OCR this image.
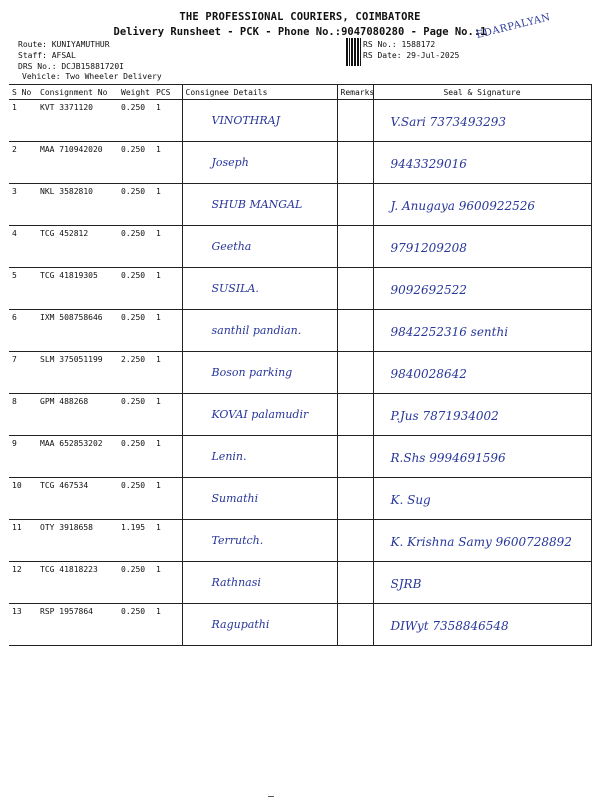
THE PROFESSIONAL COURIERS, COIMBATORE
Delivery Runsheet - PCK - Phone No.:9047080280 - Page No.:1
Route: KUNIYAMUTHUR
Staff: AFSAL
DRS No.: DCJB15881720I
Vehicle: Two Wheeler Delivery
RS No.: 1588172
RS Date: 29-Jul-2025
EDARPALYAN
S No	Consignment No	Weight	PCS	Consignee Details	Remarks	Seal & Signature
1	KVT 3371120	0.250	1	VINOTHRAJ		V.Sari 7373493293

2	MAA 710942020	0.250	1	Joseph		9443329016

3	NKL 3582810	0.250	1	SHUB MANGAL		J. Anugaya 9600922526

4	TCG 452812	0.250	1	Geetha		9791209208

5	TCG 41819305	0.250	1	SUSILA.		9092692522

6	IXM 508758646	0.250	1	santhil pandian.		9842252316 senthi

7	SLM 375051199	2.250	1	Boson parking		9840028642

8	GPM 488268	0.250	1	KOVAI palamudir		P.Jus 7871934002

9	MAA 652853202	0.250	1	Lenin.		R.Shs 9994691596

10	TCG 467534	0.250	1	Sumathi		K. Sug

11	OTY 3918658	1.195	1	Terrutch.		K. Krishna Samy 9600728892

12	TCG 41818223	0.250	1	Rathnasi		SJRB

13	RSP 1957864	0.250	1	Ragupathi		DIWyt 7358846548
